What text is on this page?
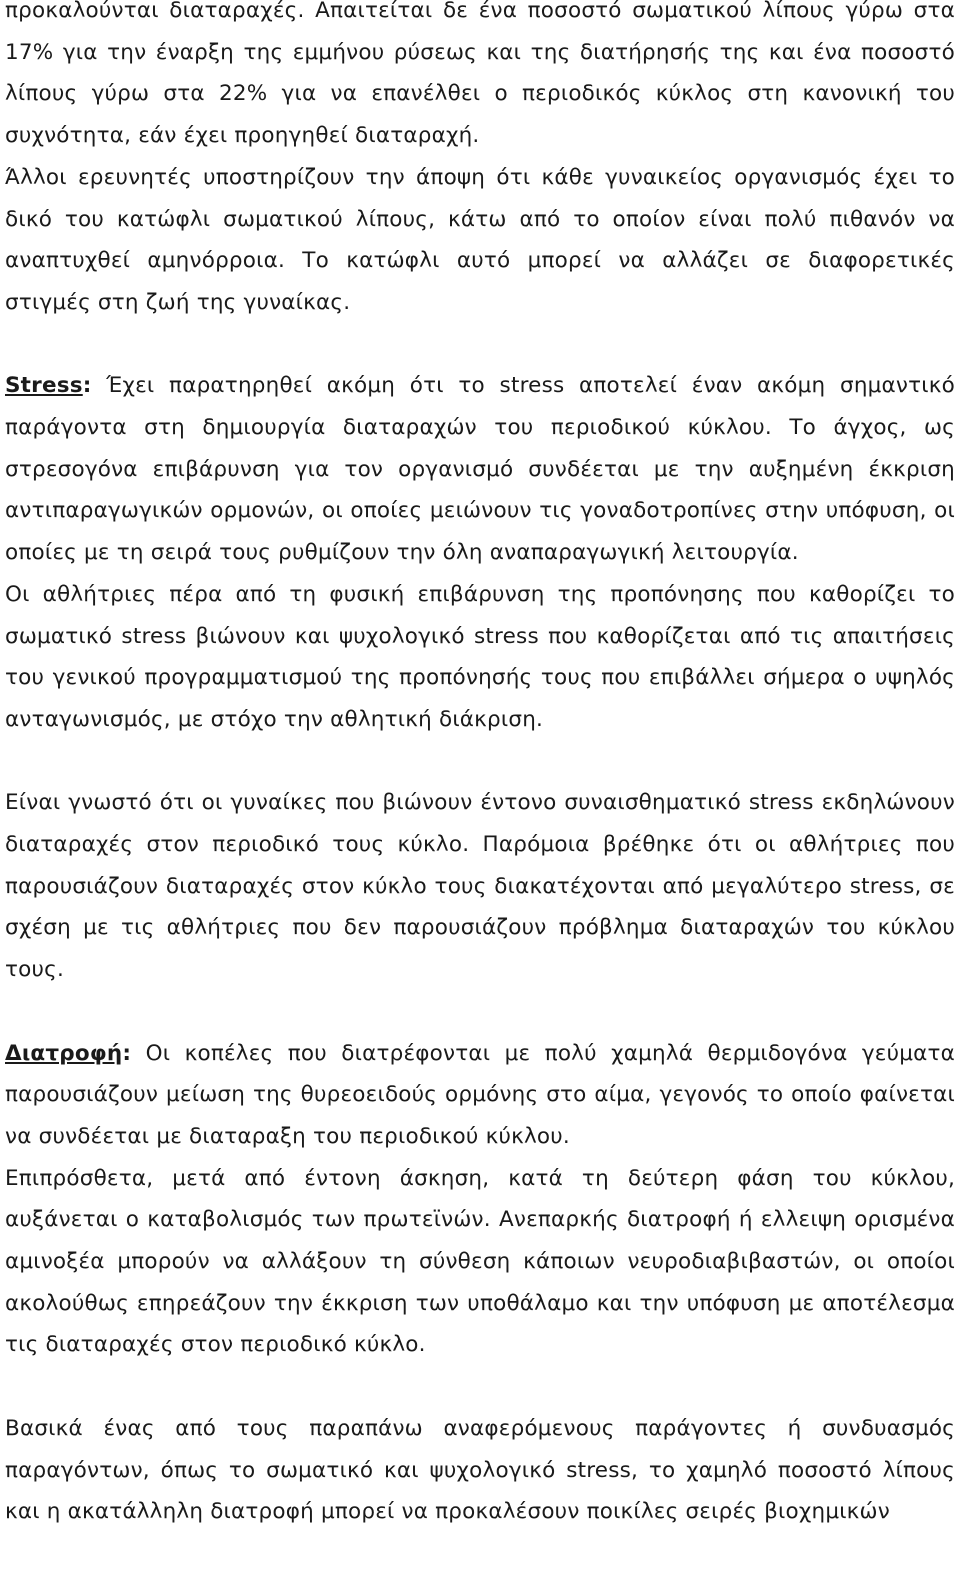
προκαλούνται διαταραχές. Απαιτείται δε ένα ποσοστό σωματικού λίπους γύρω στα 17% για την έναρξη της εμμήνου ρύσεως και της διατήρησής της και ένα ποσοστό λίπους γύρω στα 22% για να επανέλθει ο περιοδικός κύκλος στη κανονική του συχνότητα, εάν έχει προηγηθεί διαταραχή.

Άλλοι ερευνητές υποστηρίζουν την άποψη ότι κάθε γυναικείος οργανισμός έχει το δικό του κατώφλι σωματικού λίπους, κάτω από το οποίον είναι πολύ πιθανόν να αναπτυχθεί αμηνόρροια. Το κατώφλι αυτό μπορεί να αλλάζει σε διαφορετικές στιγμές στη ζωή της γυναίκας.

Stress: Έχει παρατηρηθεί ακόμη ότι το stress αποτελεί έναν ακόμη σημαντικό παράγοντα στη δημιουργία διαταραχών του περιοδικού κύκλου. Το άγχος, ως στρεσογόνα επιβάρυνση για τον οργανισμό συνδέεται με την αυξημένη έκκριση αντιπαραγωγικών ορμονών, οι οποίες μειώνουν τις γοναδοτροπίνες στην υπόφυση, οι οποίες με τη σειρά τους ρυθμίζουν την όλη αναπαραγωγική λειτουργία.

Οι αθλήτριες πέρα από τη φυσική επιβάρυνση της προπόνησης που καθορίζει το σωματικό stress βιώνουν και ψυχολογικό stress που καθορίζεται από τις απαιτήσεις του γενικού προγραμματισμού της προπόνησής τους που επιβάλλει σήμερα ο υψηλός ανταγωνισμός, με στόχο την αθλητική διάκριση.

Είναι γνωστό ότι οι γυναίκες που βιώνουν έντονο συναισθηματικό stress εκδηλώνουν διαταραχές στον περιοδικό τους κύκλο. Παρόμοια βρέθηκε ότι οι αθλήτριες που παρουσιάζουν διαταραχές στον κύκλο τους διακατέχονται από μεγαλύτερο stress, σε σχέση με τις αθλήτριες που δεν παρουσιάζουν πρόβλημα διαταραχών του κύκλου τους.

Διατροφή: Οι κοπέλες που διατρέφονται με πολύ χαμηλά θερμιδογόνα γεύματα παρουσιάζουν μείωση της θυρεοειδούς ορμόνης στο αίμα, γεγονός το οποίο φαίνεται να συνδέεται με διαταραξη του περιοδικού κύκλου.

Επιπρόσθετα, μετά από έντονη άσκηση, κατά τη δεύτερη φάση του κύκλου, αυξάνεται ο καταβολισμός των πρωτεϊνών. Ανεπαρκής διατροφή ή ελλειψη ορισμένα αμινοξέα μπορούν να αλλάξουν τη σύνθεση κάποιων νευροδιαβιβαστών, οι οποίοι ακολούθως επηρεάζουν την έκκριση των υποθάλαμο και την υπόφυση με αποτέλεσμα τις διαταραχές στον περιοδικό κύκλο.

Βασικά ένας από τους παραπάνω αναφερόμενους παράγοντες ή συνδυασμός παραγόντων, όπως το σωματικό και ψυχολογικό stress, το χαμηλό ποσοστό λίπους και η ακατάλληλη διατροφή μπορεί να προκαλέσουν ποικίλες σειρές βιοχημικών
